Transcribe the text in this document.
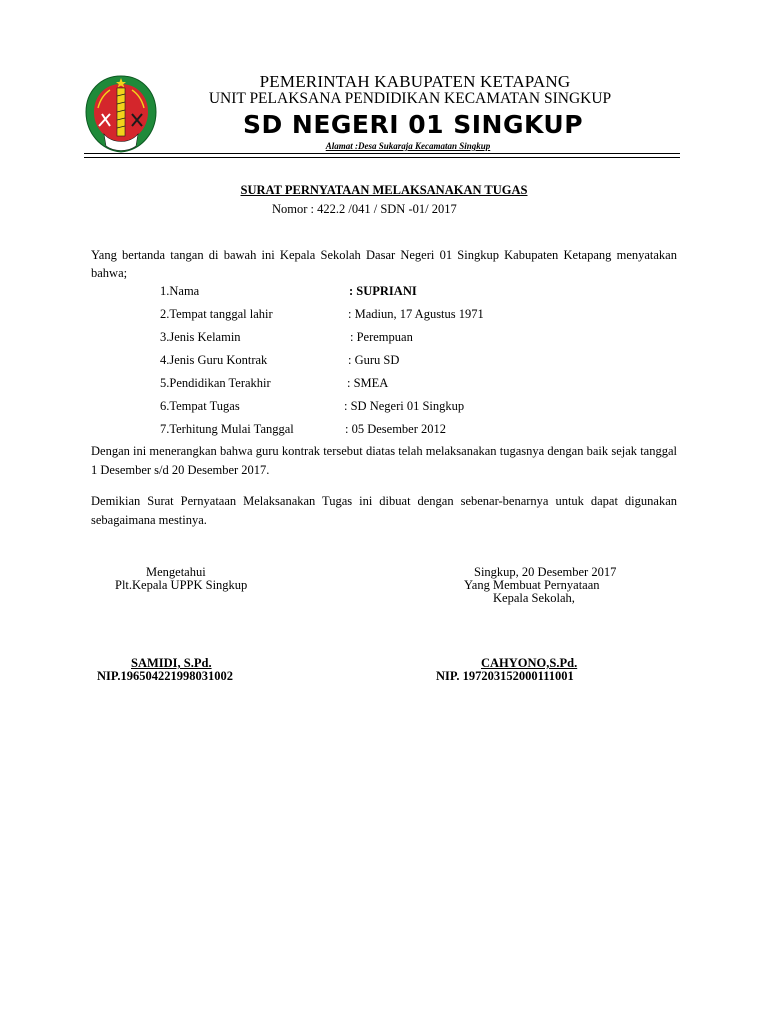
PEMERINTAH KABUPATEN KETAPANG
UNIT PELAKSANA PENDIDIKAN KECAMATAN SINGKUP
SD NEGERI 01 SINGKUP
Alamat :Desa Sukaraja Kecamatan Singkup
SURAT PERNYATAAN MELAKSANAKAN TUGAS
Nomor : 422.2 /041 / SDN -01/ 2017
Yang bertanda tangan di bawah ini Kepala Sekolah Dasar Negeri 01 Singkup Kabupaten Ketapang menyatakan bahwa;
1.Nama	: SUPRIANI
2.Tempat tanggal lahir	: Madiun, 17 Agustus 1971
3.Jenis Kelamin	: Perempuan
4.Jenis Guru Kontrak	: Guru SD
5.Pendidikan Terakhir	: SMEA
6.Tempat Tugas	: SD Negeri 01 Singkup
7.Terhitung Mulai Tanggal	: 05 Desember 2012
Dengan ini menerangkan bahwa guru kontrak tersebut diatas telah melaksanakan tugasnya dengan baik sejak tanggal 1 Desember s/d 20 Desember 2017.
Demikian Surat Pernyataan Melaksanakan Tugas ini dibuat dengan sebenar-benarnya untuk dapat digunakan sebagaimana mestinya.
Mengetahui
Plt.Kepala UPPK Singkup
SAMIDI, S.Pd.
NIP.196504221998031002
Singkup, 20 Desember 2017
Yang Membuat Pernyataan
Kepala Sekolah,
CAHYONO,S.Pd.
NIP. 197203152000111001
